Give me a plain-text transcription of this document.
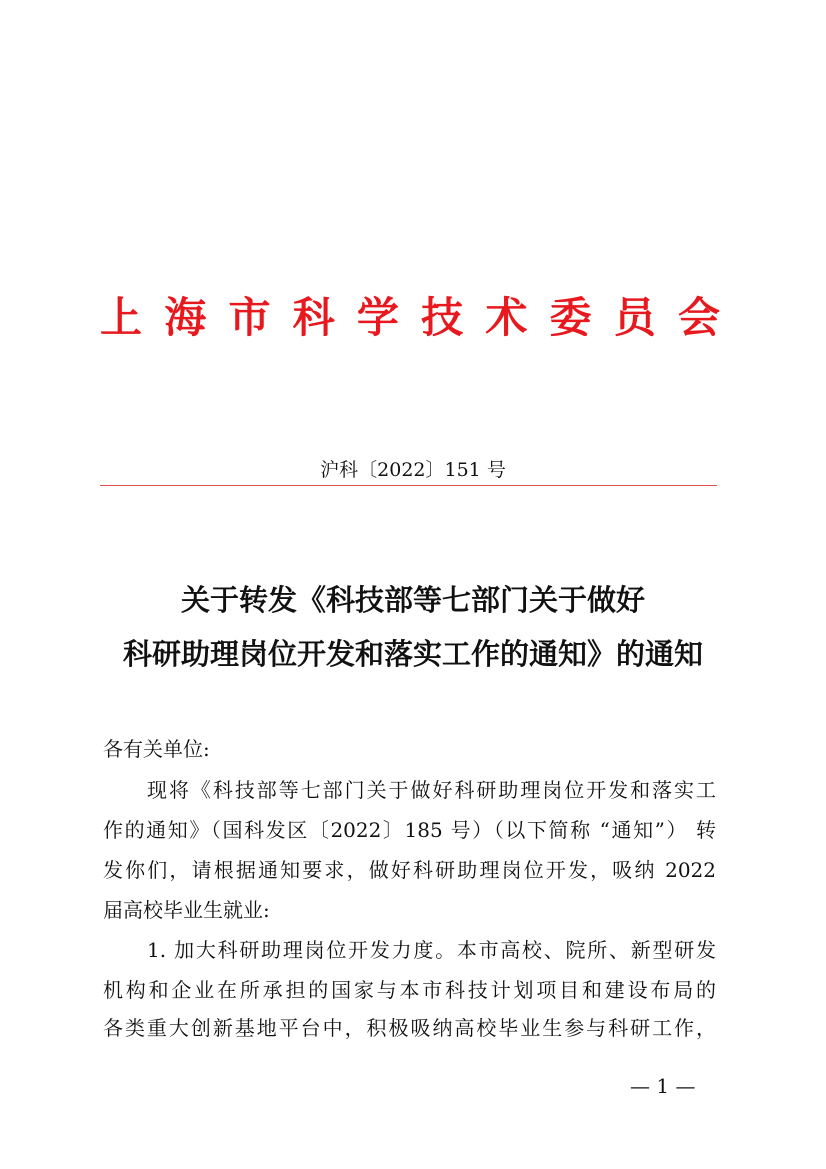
上海市科学技术委员会
沪科〔2022〕151 号
关于转发《科技部等七部门关于做好
科研助理岗位开发和落实工作的通知》的通知
各有关单位:
现将《科技部等七部门关于做好科研助理岗位开发和落实工
作的通知》（国科发区〔2022〕185 号）（以下简称 “通知”） 转
发你们，请根据通知要求，做好科研助理岗位开发，吸纳 2022
届高校毕业生就业:
1. 加大科研助理岗位开发力度。本市高校、院所、新型研发
机构和企业在所承担的国家与本市科技计划项目和建设布局的
各类重大创新基地平台中，积极吸纳高校毕业生参与科研工作，
— 1 —
